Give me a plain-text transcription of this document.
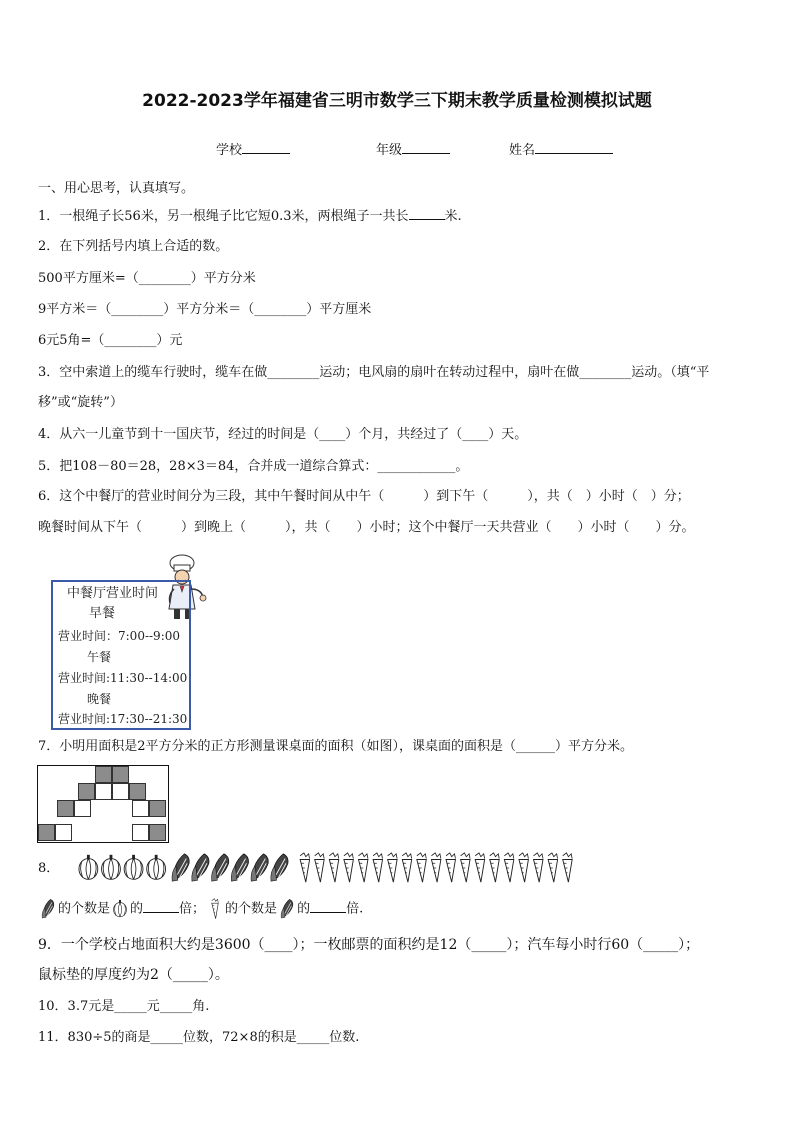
2022-2023学年福建省三明市数学三下期末教学质量检测模拟试题
学校	年级	姓名
一、用心思考，认真填写。
1．一根绳子长56米，另一根绳子比它短0.3米，两根绳子一共长	米.
2．在下列括号内填上合适的数。
500平方厘米=（________）平方分米
9平方米＝（________）平方分米＝（________）平方厘米
6元5角=（________）元
3．空中索道上的缆车行驶时，缆车在做________运动；电风扇的扇叶在转动过程中，扇叶在做________运动。（填“平
移”或“旋转”）
4．从六一儿童节到十一国庆节，经过的时间是（____）个月，共经过了（____）天。
5．把108－80＝28，28×3＝84，合并成一道综合算式：____________。
6．这个中餐厅的营业时间分为三段，其中午餐时间从中午（　　　）到下午（　　　），共（　）小时（　）分；
晚餐时间从下午（　　　）到晚上（　　　），共（　　）小时；这个中餐厅一天共营业（　　）小时（　　）分。
中餐厅营业时间
早餐
营业时间：7:00--9:00
午餐
营业时间:11:30--14:00
晚餐
营业时间:17:30--21:30
7．小明用面积是2平方分米的正方形测量课桌面的面积（如图），课桌面的面积是（______）平方分米。
8．
的个数是 的	倍； 的个数是 的	倍.
9．一个学校占地面积大约是3600（____）；一枚邮票的面积约是12（_____）；汽车每小时行60（_____）；
鼠标垫的厚度约为2（_____）。
10．3.7元是_____元_____角.
11．830÷5的商是_____位数，72×8的积是_____位数.
